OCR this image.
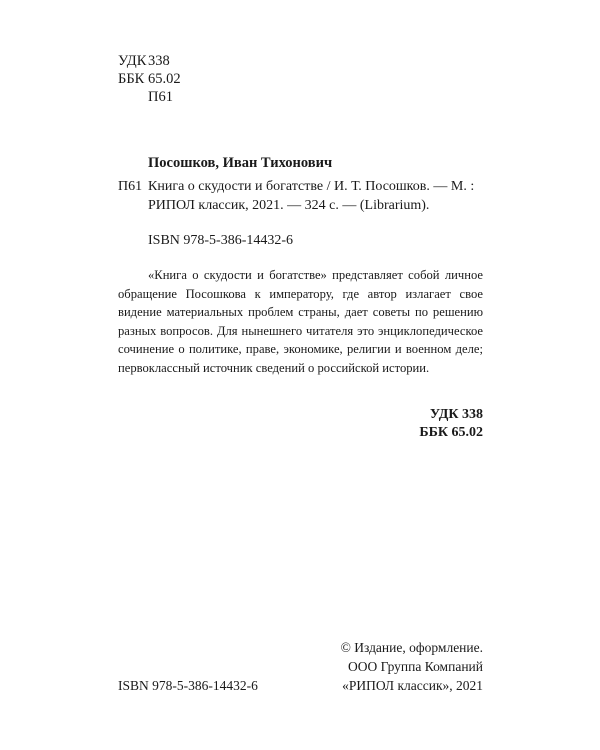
УДК 338
ББК 65.02
П61
Посошков, Иван Тихонович
П61 Книга о скудости и богатстве / И. Т. Посошков. — М. : РИПОЛ классик, 2021. — 324 с. — (Librarium).
ISBN 978-5-386-14432-6
«Книга о скудости и богатстве» представляет собой личное обращение Посошкова к императору, где автор излагает свое видение материальных проблем страны, дает советы по решению разных вопросов. Для нынешнего читателя это энциклопедическое сочинение о политике, праве, экономике, религии и военном деле; первоклассный источник сведений о российской истории.
УДК 338
ББК 65.02
ISBN 978-5-386-14432-6
© Издание, оформление.
ООО Группа Компаний
«РИПОЛ классик», 2021
